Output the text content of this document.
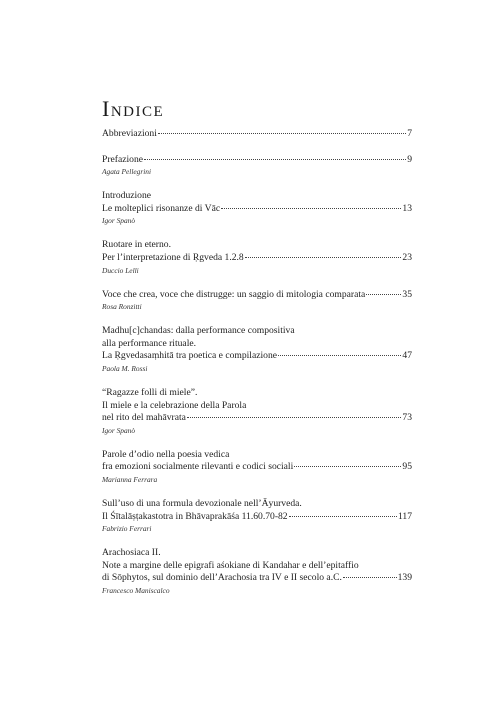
Indice
Abbreviazioni	7
Prefazione	9
Agata Pellegrini
Introduzione
Le molteplici risonanze di Vāc	13
Igor Spanò
Ruotare in eterno.
Per l’interpretazione di Ṛgveda 1.2.8	23
Duccio Lelli
Voce che crea, voce che distrugge: un saggio di mitologia comparata	35
Rosa Ronzitti
Madhu[c]chandas: dalla performance compositiva
alla performance rituale.
La Ṛgvedasaṃhitā tra poetica e compilazione	47
Paola M. Rossi
“Ragazze folli di miele”.
Il miele e la celebrazione della Parola
nel rito del mahāvrata	73
Igor Spanò
Parole d’odio nella poesia vedica
fra emozioni socialmente rilevanti e codici sociali	95
Marianna Ferrara
Sull’uso di una formula devozionale nell’Āyurveda.
Il Śītalāṣṭakastotra in Bhāvaprakāśa 11.60.70-82	117
Fabrizio Ferrari
Arachosiaca II.
Note a margine delle epigrafi aśokiane di Kandahar e dell’epitaffio
di Sōphytos, sul dominio dell’Arachosia tra IV e II secolo a.C.	139
Francesco Maniscalco
